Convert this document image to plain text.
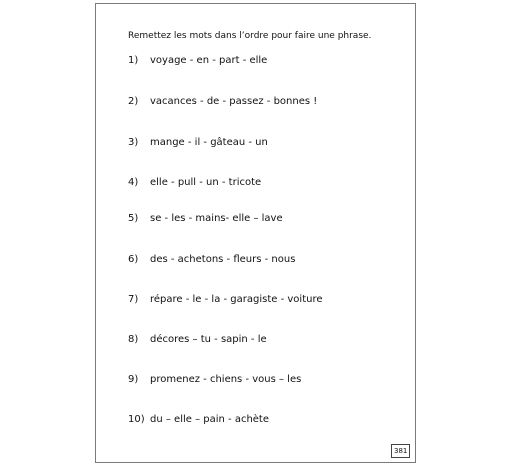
Remettez les mots dans l’ordre pour faire une phrase.
1) voyage - en - part - elle
2)vacances - de - passez - bonnes !
3) mange - il - gâteau - un
4)elle - pull - un - tricote
5) se - les - mains- elle – lave
6) des - achetons - fleurs - nous
7) répare - le - la - garagiste - voiture
8) décores – tu - sapin - le
9) promenez - chiens - vous – les
10) du – elle – pain - achète
381
